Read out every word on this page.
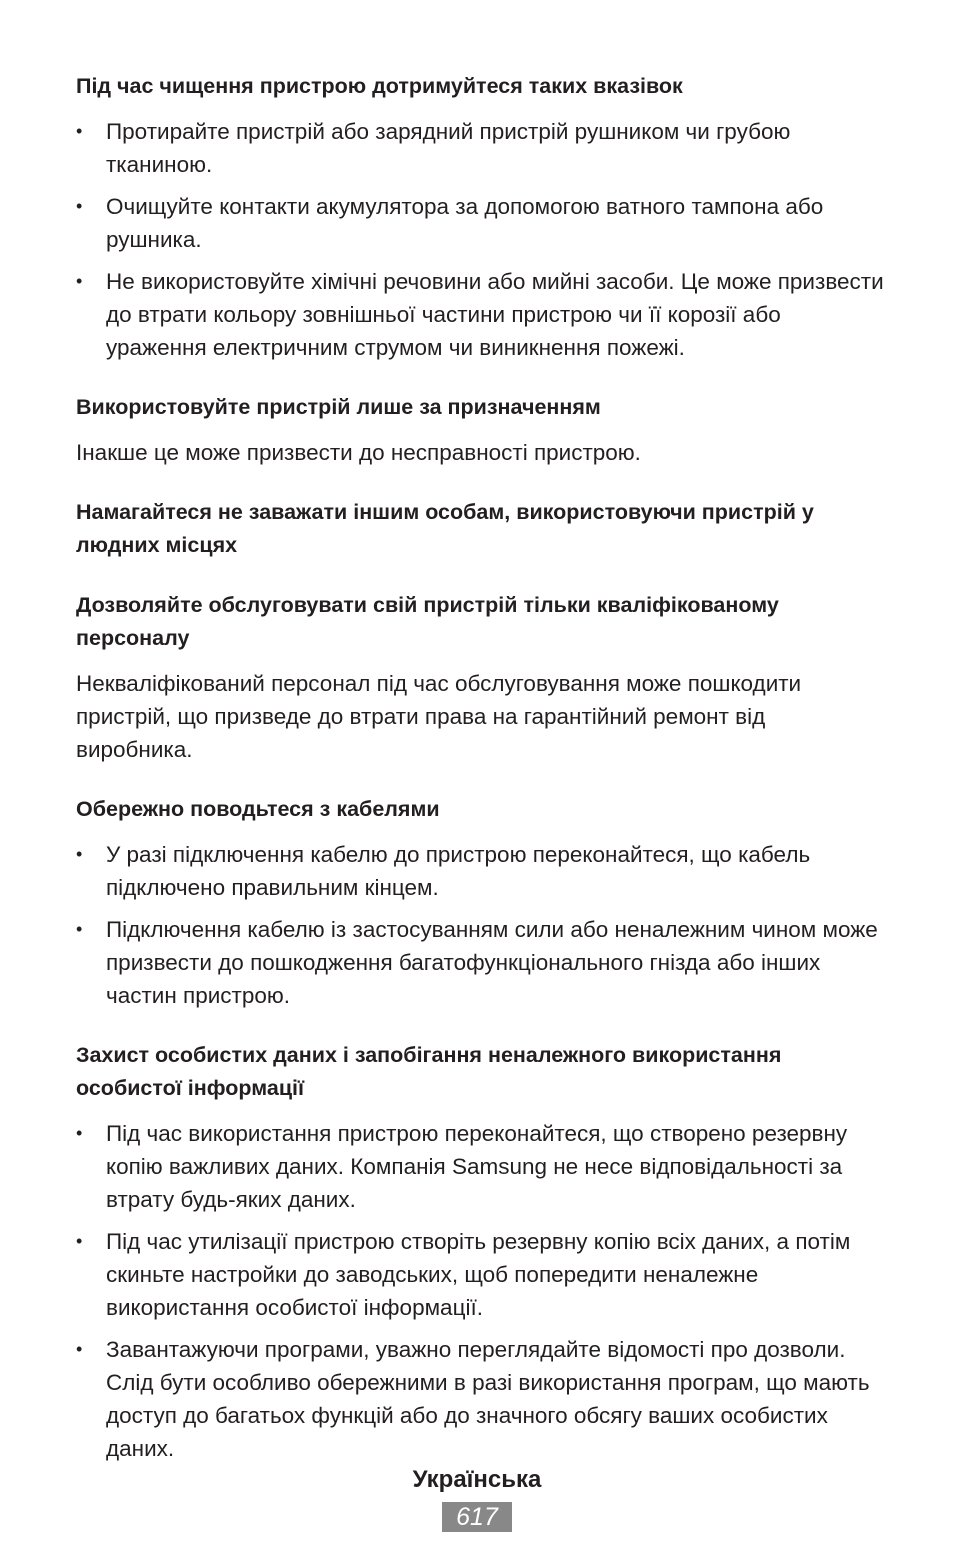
Під час чищення пристрою дотримуйтеся таких вказівок
•	Протирайте пристрій або зарядний пристрій рушником чи грубою тканиною.
•	Очищуйте контакти акумулятора за допомогою ватного тампона або рушника.
•	Не використовуйте хімічні речовини або мийні засоби. Це може призвести до втрати кольору зовнішньої частини пристрою чи її корозії або ураження електричним струмом чи виникнення пожежі.
Використовуйте пристрій лише за призначенням

Інакше це може призвести до несправності пристрою.

Намагайтеся не заважати іншим особам, використовуючи пристрій у людних місцях
Дозволяйте обслуговувати свій пристрій тільки кваліфікованому персоналу

Некваліфікований персонал під час обслуговування може пошкодити пристрій, що призведе до втрати права на гарантійний ремонт від виробника.

Обережно поводьтеся з кабелями
•	У разі підключення кабелю до пристрою переконайтеся, що кабель підключено правильним кінцем.
•	Підключення кабелю із застосуванням сили або неналежним чином може призвести до пошкодження багатофункціонального гнізда або інших частин пристрою.
Захист особистих даних і запобігання неналежного використання особистої інформації
•	Під час використання пристрою переконайтеся, що створено резервну копію важливих даних. Компанія Samsung не несе відповідальності за втрату будь-яких даних.
•	Під час утилізації пристрою створіть резервну копію всіх даних, а потім скиньте настройки до заводських, щоб попередити неналежне використання особистої інформації.
•	Завантажуючи програми, уважно переглядайте відомості про дозволи. Слід бути особливо обережними в разі використання програм, що мають доступ до багатьох функцій або до значного обсягу ваших особистих даних.
Українська
617
